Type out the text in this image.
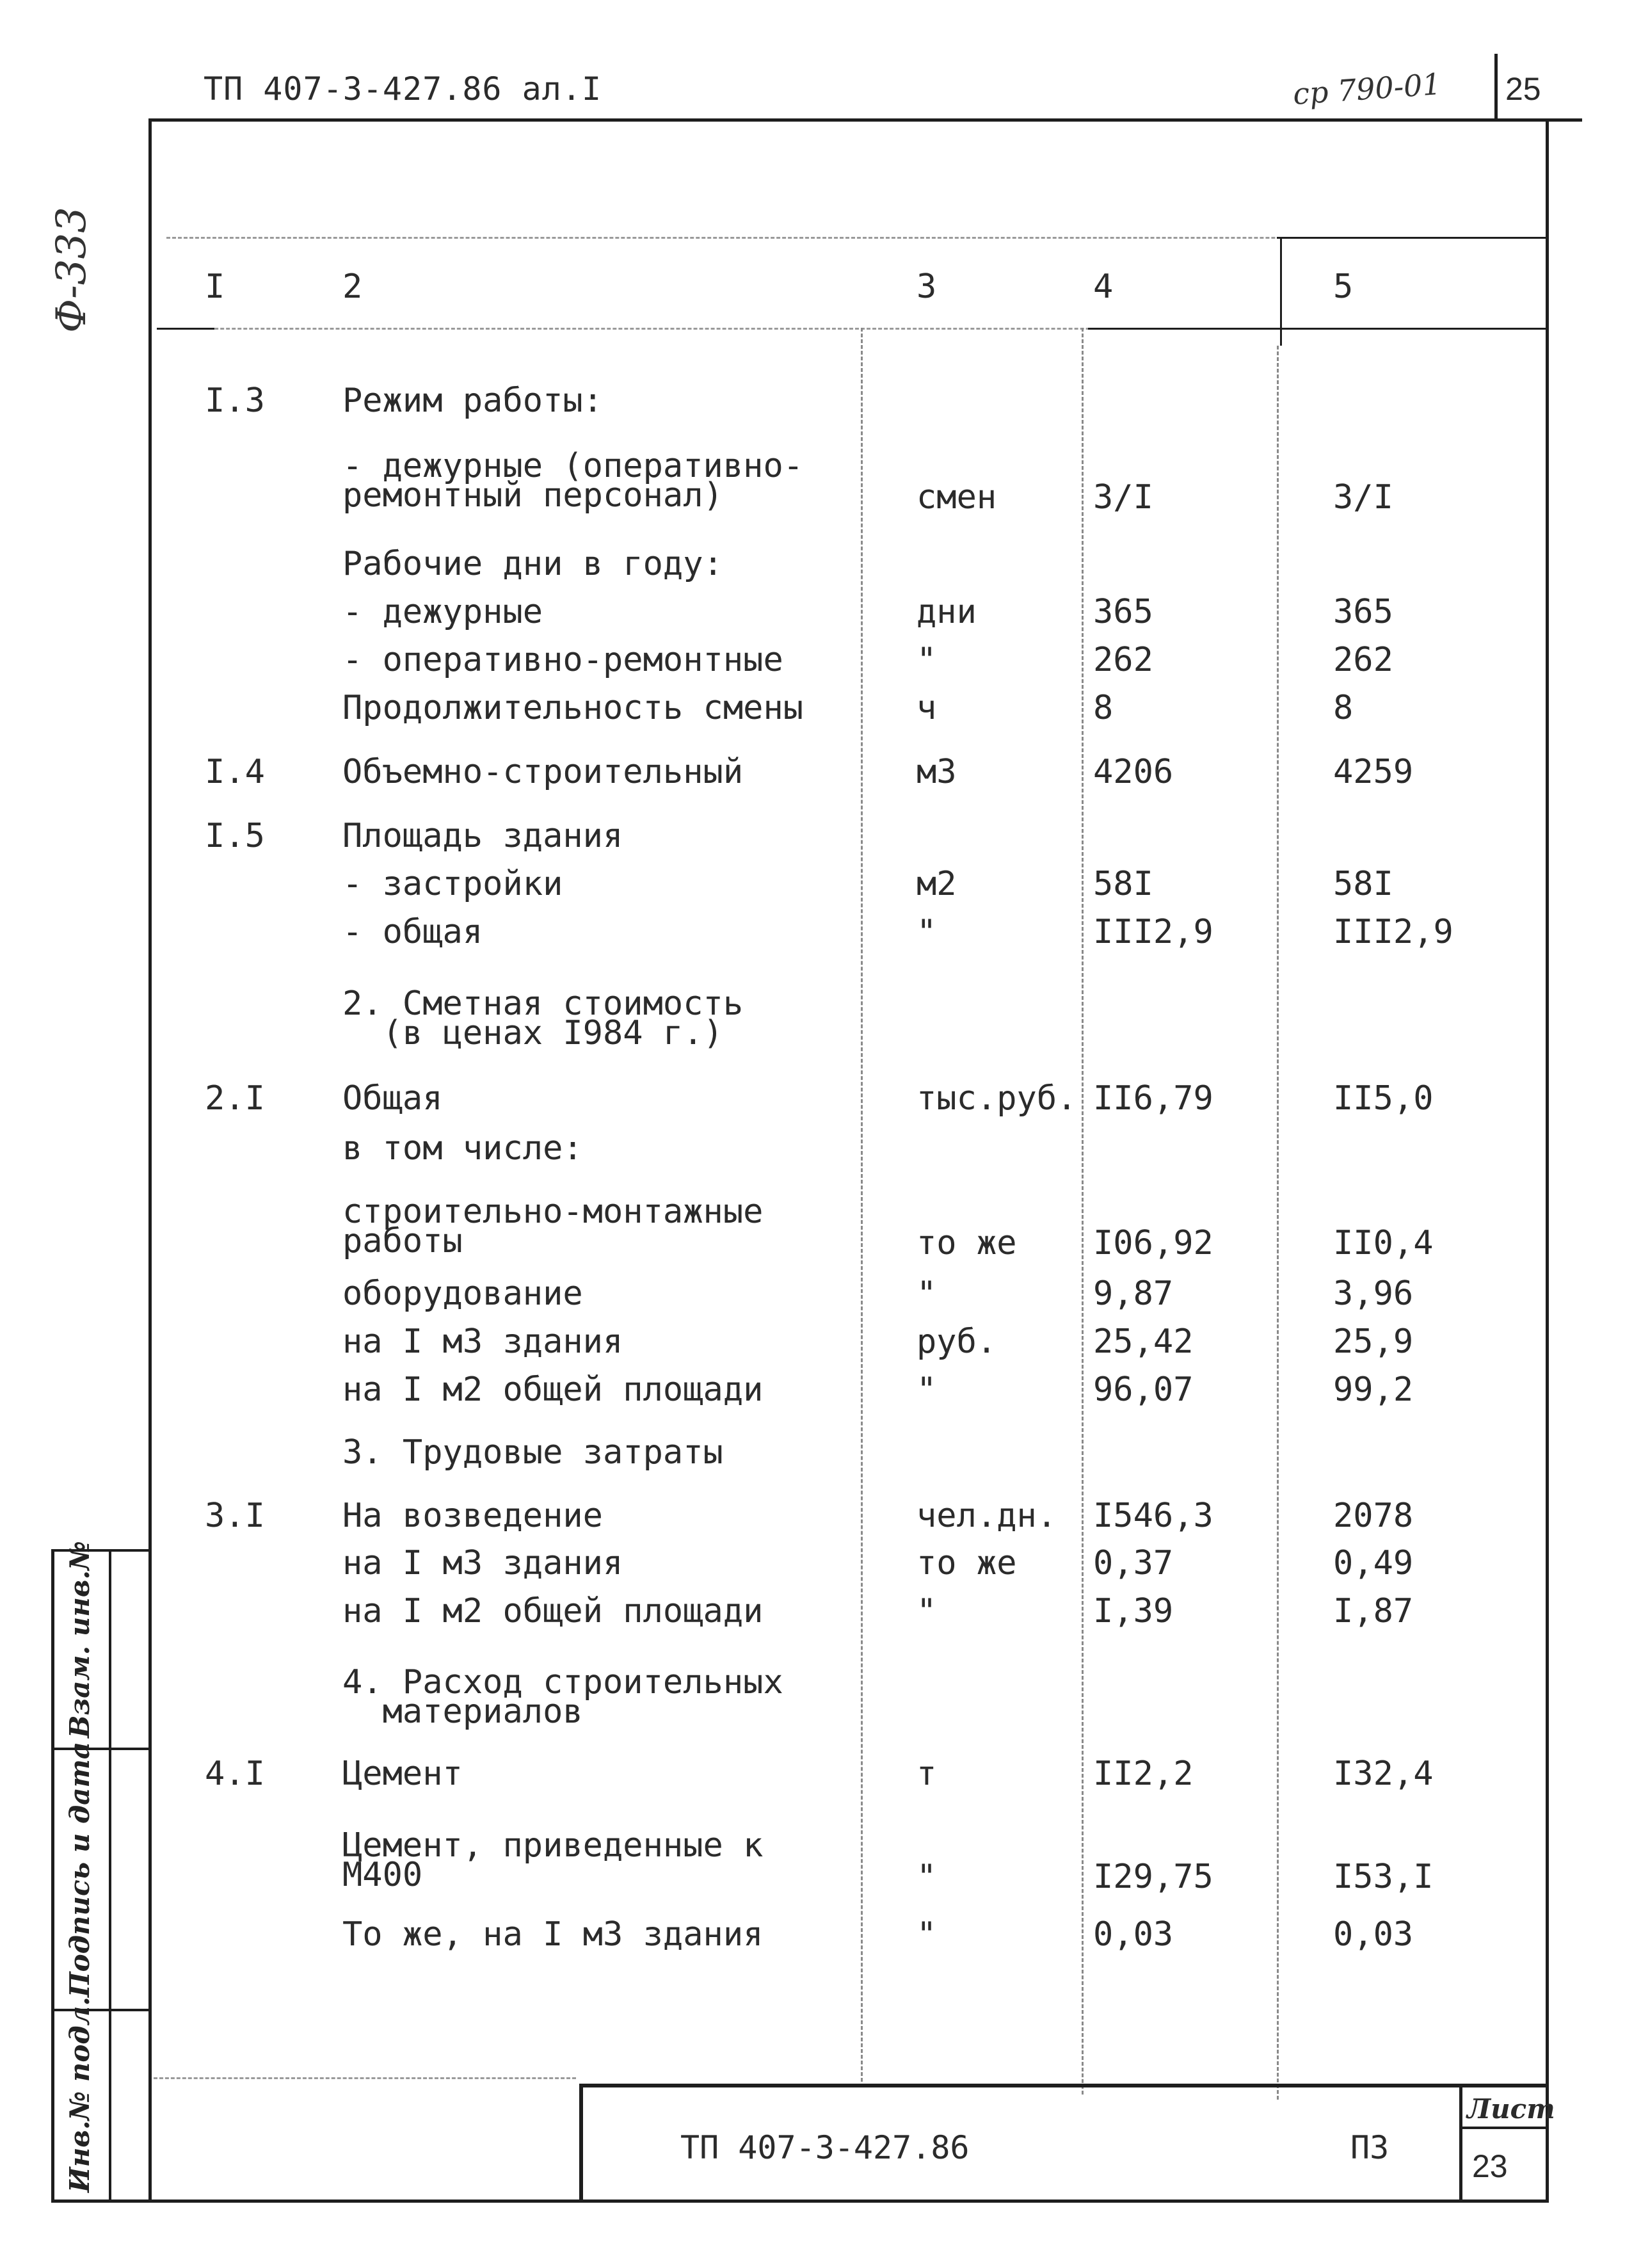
ТП 407-3-427.86 ал.I	ср 790-01 25
Ф-333	I	2	3	4	5
I.3 Режим работы:
- дежурные (оперативно-
ремонтный персонал)	смен	3/I	3/I
Рабочие дни в году:
- дежурные	дни	365	365
- оперативно-ремонтные	"	262	262
Продолжительность смены	ч	8	8
I.4 Объемно-строительный	м3	4206	4259
I.5 Площадь здания
- застройки	м2	58I	58I
- общая	"	III2,9	III2,9
2. Сметная стоимость
(в ценах I984 г.)
2.I Общая	тыс.руб. II6,79	II5,0
в том числе:
строительно-монтажные
работы	то же I06,92	II0,4
оборудование	"	9,87	3,96
на I м3 здания	руб.	25,42	25,9
на I м2 общей площади	"	96,07	99,2
3. Трудовые затраты
3.I На возведение	чел.дн. I546,3	2078
на I м3 здания	то же 0,37	0,49
на I м2 общей площади	"	I,39	I,87
4. Расход строительных
материалов
4.I Цемент	т	II2,2	I32,4
Цемент, приведенные к
М400	"	I29,75	I53,I
То же, на I м3 здания	"	0,03	0,03
Взам. инв.№
Подпись и дата
Инв.№ подл.	ТП 407-3-427.86	ПЗ
Лист
23
